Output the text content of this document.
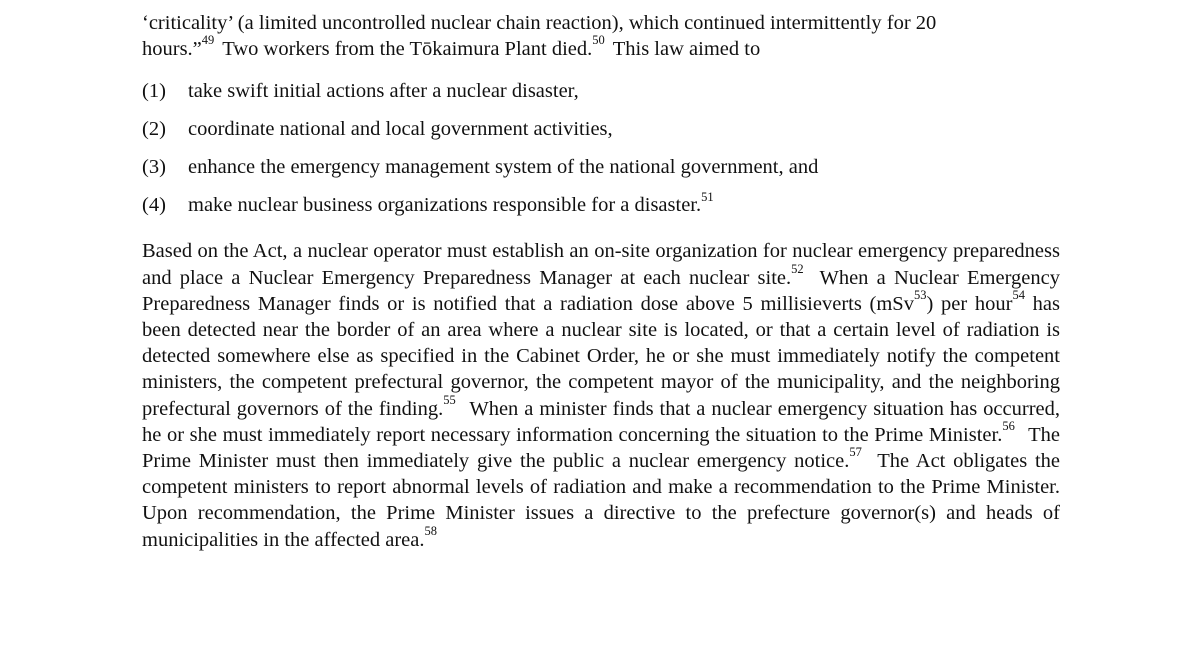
‘criticality’ (a limited uncontrolled nuclear chain reaction), which continued intermittently for 20
hours.”$^{49}$ Two workers from the Tōkaimura Plant died.$^{50}$ This law aimed to

(1)	take swift initial actions after a nuclear disaster,
(2)	coordinate national and local government activities,
(3)	enhance the emergency management system of the national government, and
(4)	make nuclear business organizations responsible for a disaster.$^{51}$

Based on the Act, a nuclear operator must establish an on-site organization for nuclear emergency preparedness and place a Nuclear Emergency Preparedness Manager at each nuclear site.$^{52}$ When a Nuclear Emergency Preparedness Manager finds or is notified that a radiation dose above 5 millisieverts (mSv$^{53}$) per hour$^{54}$ has been detected near the border of an area where a nuclear site is located, or that a certain level of radiation is detected somewhere else as specified in the Cabinet Order, he or she must immediately notify the competent ministers, the competent prefectural governor, the competent mayor of the municipality, and the neighboring prefectural governors of the finding.$^{55}$ When a minister finds that a nuclear emergency situation has occurred, he or she must immediately report necessary information concerning the situation to the Prime Minister.$^{56}$ The Prime Minister must then immediately give the public a nuclear emergency notice.$^{57}$ The Act obligates the competent ministers to report abnormal levels of radiation and make a recommendation to the Prime Minister. Upon recommendation, the Prime Minister issues a directive to the prefecture governor(s) and heads of municipalities in the affected area.$^{58}$
